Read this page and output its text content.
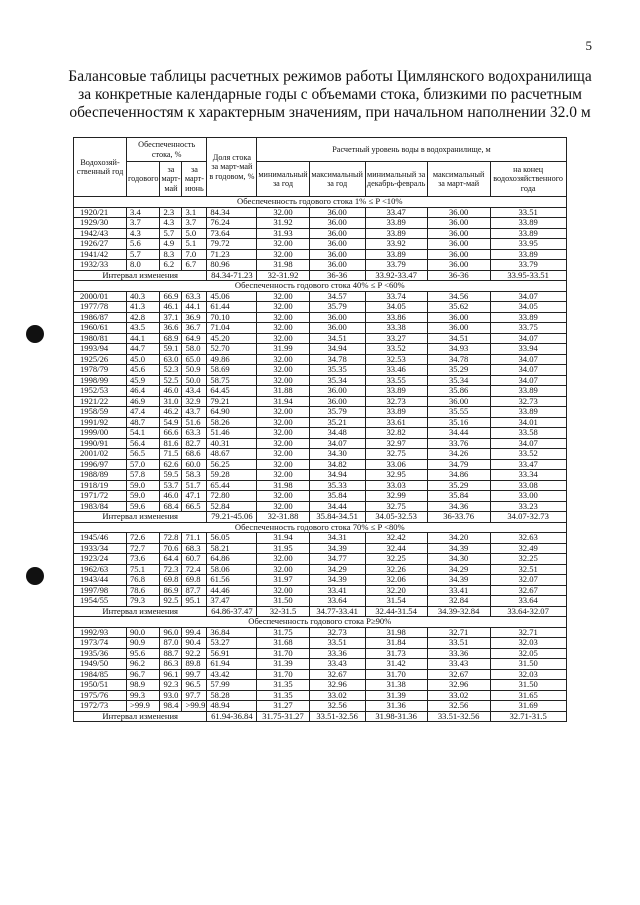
5
Балансовые таблицы расчетных режимов работы Цимлянского водохранилища за конкретные календарные годы с объемами стока, близкими по расчетным обеспеченностям к характерным значениям, при начальном наполнении 32.0 м
Водохозяй-ственный год	Обеспеченность стока, %			Доля стока за март-май в годовом, %	Расчетный уровень воды в водохранилище, м				
	годового	за март-май	за март-июнь		минимальный за год	максимальный за год	минимальный за декабрь-февраль	максимальный за март-май	на конец водохозяйственного года
Обеспеченность годового стока 1% ≤ P <10%									
1920/21	3.4	2.3	3.1	84.34	32.00	36.00	33.47	36.00	33.51
1929/30	3.7	4.3	3.7	76.24	31.92	36.00	33.89	36.00	33.89
1942/43	4.3	5.7	5.0	73.64	31.93	36.00	33.89	36.00	33.89
1926/27	5.6	4.9	5.1	79.72	32.00	36.00	33.92	36.00	33.95
1941/42	5.7	8.3	7.0	71.23	32.00	36.00	33.89	36.00	33.89
1932/33	8.0	6.2	6.7	80.96	31.98	36.00	33.79	36.00	33.79
Интервал изменения				84.34-71.23	32-31.92	36-36	33.92-33.47	36-36	33.95-33.51
Обеспеченность годового стока 40% ≤ P <60%									
2000/01	40.3	66.9	63.3	45.06	32.00	34.57	33.74	34.56	34.07
1977/78	41.3	46.1	44.1	61.44	32.00	35.79	34.05	35.62	34.05
1986/87	42.8	37.1	36.9	70.10	32.00	36.00	33.86	36.00	33.89
1960/61	43.5	36.6	36.7	71.04	32.00	36.00	33.38	36.00	33.75
1980/81	44.1	68.9	64.9	45.20	32.00	34.51	33.27	34.51	34.07
1993/94	44.7	59.1	58.0	52.70	31.99	34.94	33.52	34.93	33.94
1925/26	45.0	63.0	65.0	49.86	32.00	34.78	32.53	34.78	34.07
1978/79	45.6	52.3	50.9	58.69	32.00	35.35	33.46	35.29	34.07
1998/99	45.9	52.5	50.0	58.75	32.00	35.34	33.55	35.34	34.07
1952/53	46.4	46.0	43.4	64.45	31.88	36.00	33.89	35.86	33.89
1921/22	46.9	31.0	32.9	79.21	31.94	36.00	32.73	36.00	32.73
1958/59	47.4	46.2	43.7	64.90	32.00	35.79	33.89	35.55	33.89
1991/92	48.7	54.9	51.6	58.26	32.00	35.21	33.61	35.16	34.01
1999/00	54.1	66.6	63.3	51.46	32.00	34.48	32.82	34.44	33.58
1990/91	56.4	81.6	82.7	40.31	32.00	34.07	32.97	33.76	34.07
2001/02	56.5	71.5	68.6	48.67	32.00	34.30	32.75	34.26	33.52
1996/97	57.0	62.6	60.0	56.25	32.00	34.82	33.06	34.79	33.47
1988/89	57.8	59.5	58.3	59.28	32.00	34.94	32.95	34.86	33.34
1918/19	59.0	53.7	51.7	65.44	31.98	35.33	33.03	35.29	33.08
1971/72	59.0	46.0	47.1	72.80	32.00	35.84	32.99	35.84	33.00
1983/84	59.6	68.4	66.5	52.84	32.00	34.44	32.75	34.36	33.23
Интервал изменения				79.21-45.06	32-31.88	35.84-34.51	34.05-32.53	36-33.76	34.07-32.73
Обеспеченность годового стока 70% ≤ P <80%									
1945/46	72.6	72.8	71.1	56.05	31.94	34.31	32.42	34.20	32.63
1933/34	72.7	70.6	68.3	58.21	31.95	34.39	32.44	34.39	32.49
1923/24	73.6	64.4	60.7	64.86	32.00	34.77	32.25	34.30	32.25
1962/63	75.1	72.3	72.4	58.06	32.00	34.29	32.26	34.29	32.51
1943/44	76.8	69.8	69.8	61.56	31.97	34.39	32.06	34.39	32.07
1997/98	78.6	86.9	87.7	44.46	32.00	33.41	32.20	33.41	32.67
1954/55	79.3	92.5	95.1	37.47	31.50	33.64	31.54	32.84	33.64
Интервал изменения				64.86-37.47	32-31.5	34.77-33.41	32.44-31.54	34.39-32.84	33.64-32.07
Обеспеченность годового стока P≥90%									
1992/93	90.0	96.0	99.4	36.84	31.75	32.73	31.98	32.71	32.71
1973/74	90.9	87.0	90.4	53.27	31.68	33.51	31.84	33.51	32.03
1935/36	95.6	88.7	92.2	56.91	31.70	33.36	31.73	33.36	32.05
1949/50	96.2	86.3	89.8	61.94	31.39	33.43	31.42	33.43	31.50
1984/85	96.7	96.1	99.7	43.42	31.70	32.67	31.70	32.67	32.03
1950/51	98.9	92.3	96.5	57.99	31.35	32.96	31.38	32.96	31.50
1975/76	99.3	93.0	97.7	58.28	31.35	33.02	31.39	33.02	31.65
1972/73	>99.9	98.4	>99.9	48.94	31.27	32.56	31.36	32.56	31.69
Интервал изменения				61.94-36.84	31.75-31.27	33.51-32.56	31.98-31.36	33.51-32.56	32.71-31.5
